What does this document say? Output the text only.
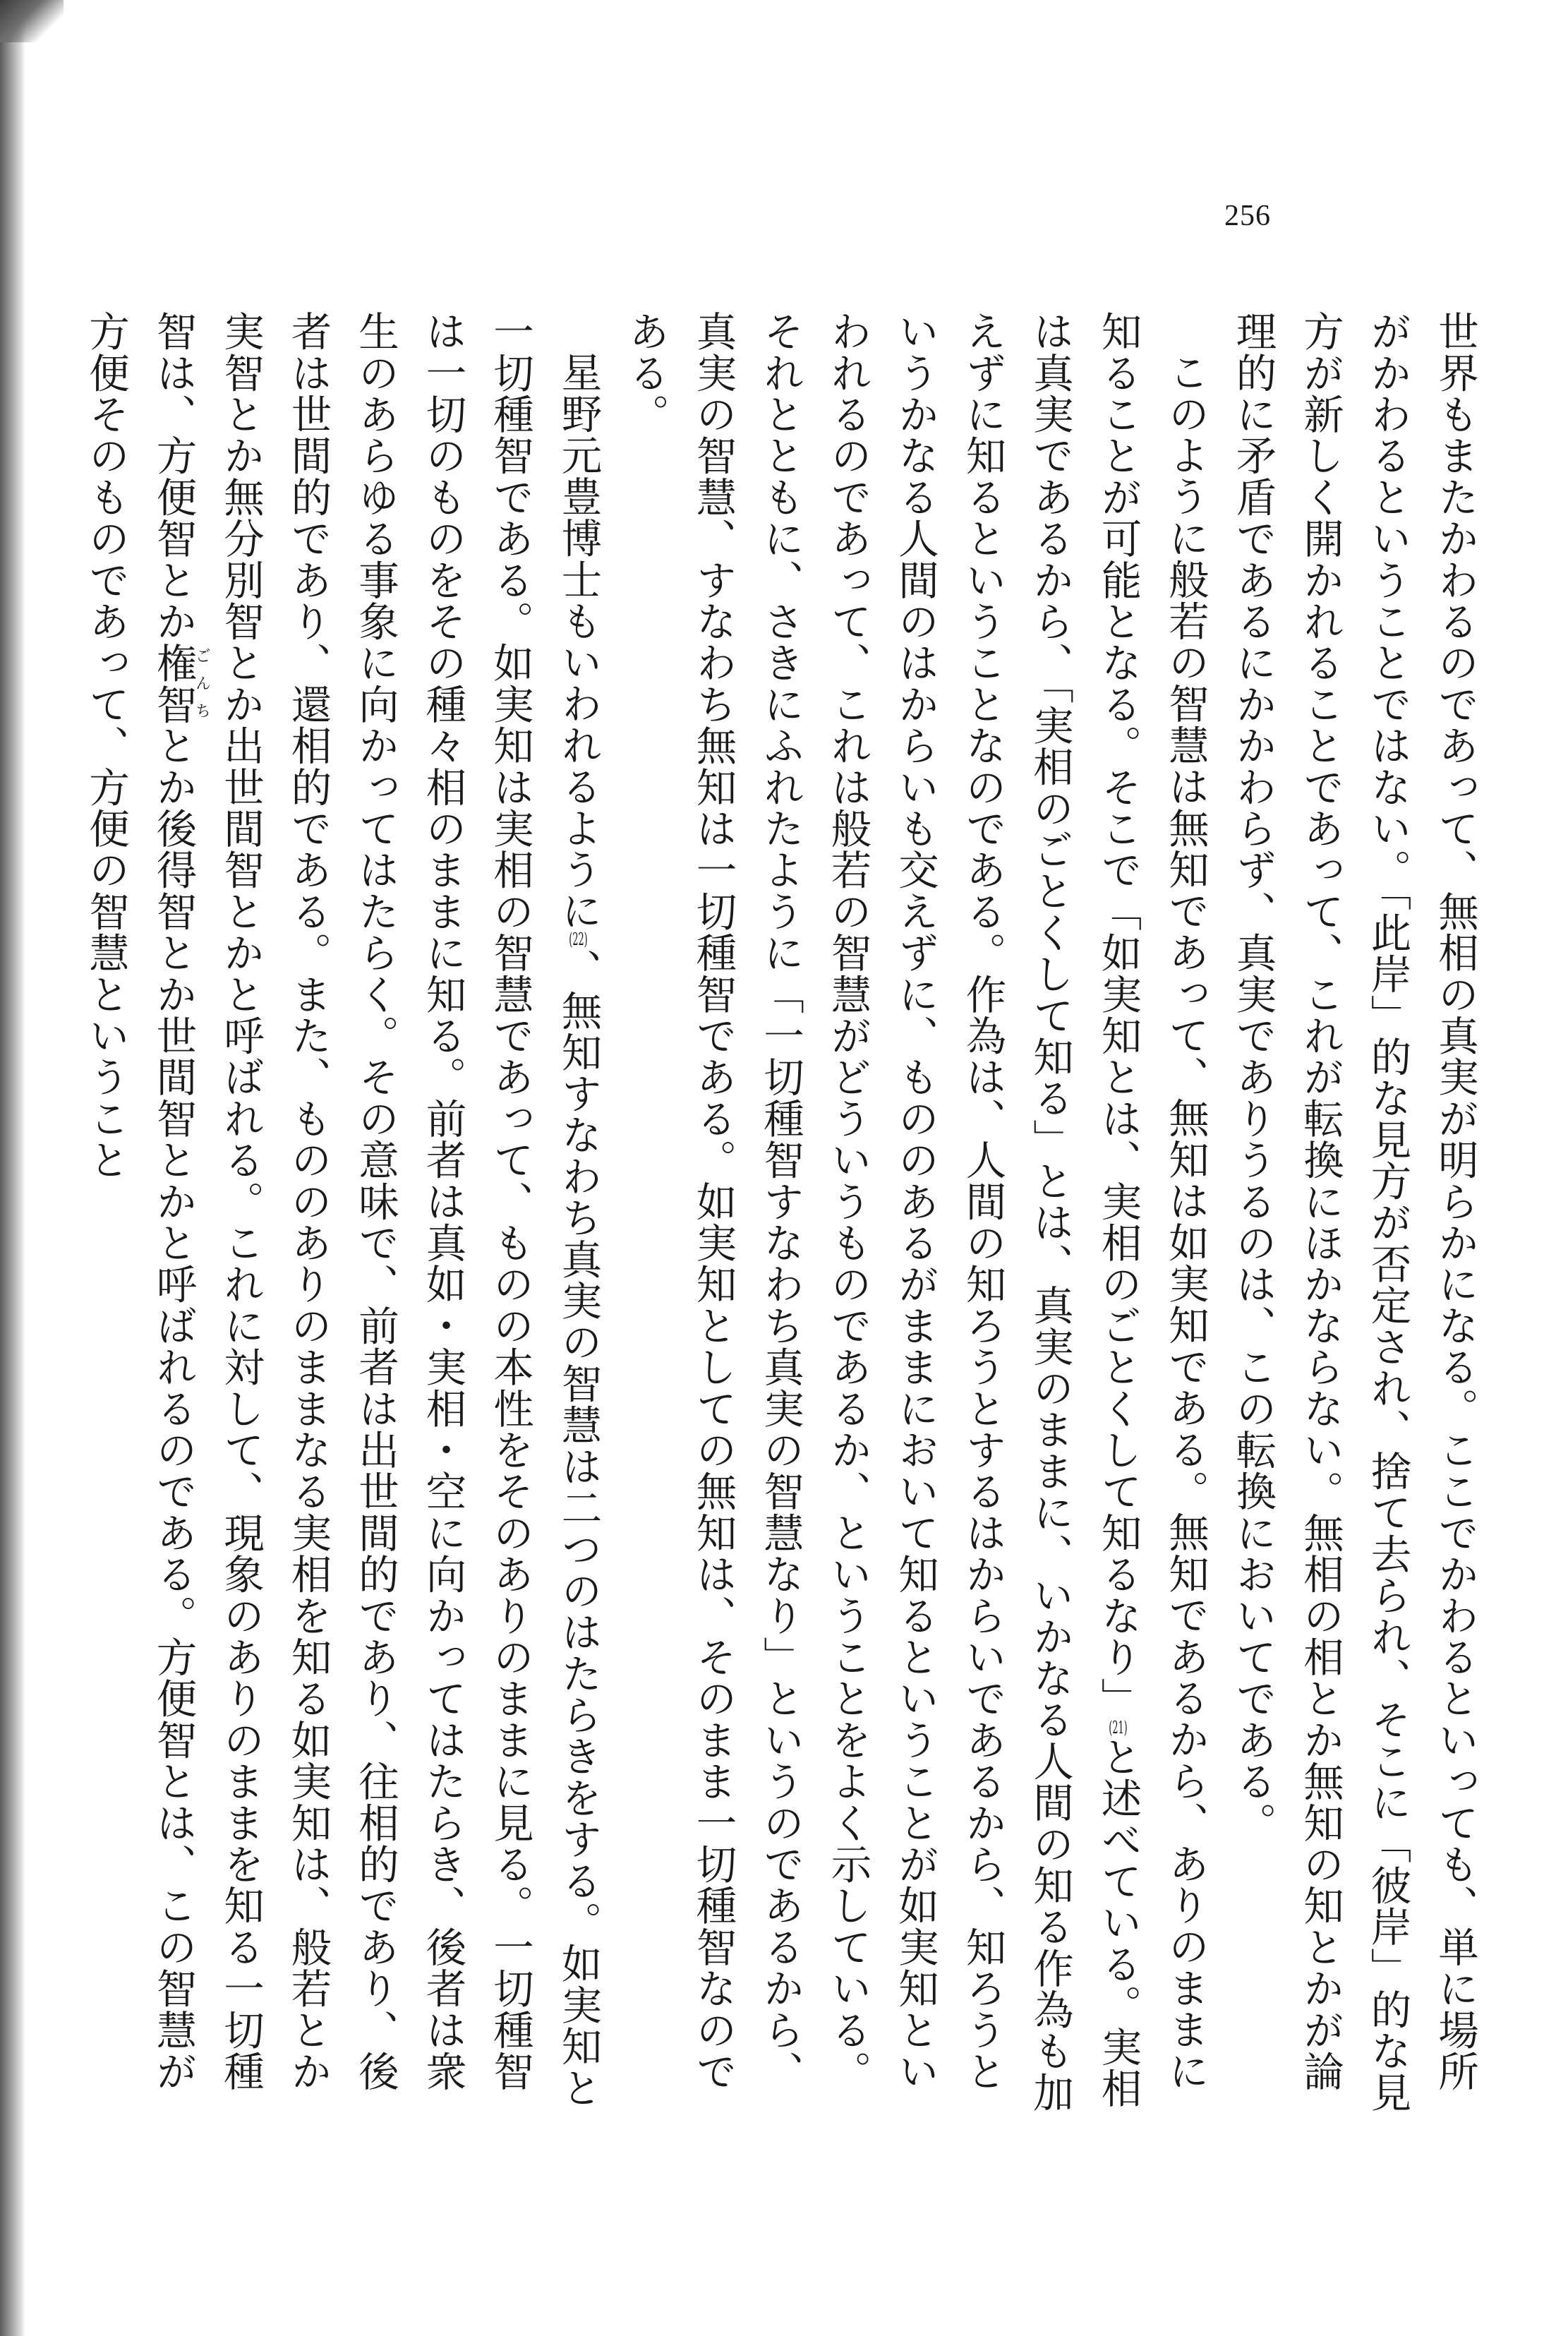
256

世界もまたかわるのであって、無相の真実が明らかになる。ここでかわるといっても、単に場所がかわるということではない。「此岸」的な見方が否定され、捨て去られ、そこに「彼岸」的な見方が新しく開かれることであって、これが転換にほかならない。無相の相とか無知の知とかが論理的に矛盾であるにかかわらず、真実でありうるのは、この転換においてである。

このように般若の智慧は無知であって、無知は如実知である。無知であるから、ありのままに知ることが可能となる。そこで「如実知とは、実相のごとくして知るなり」(21)と述べている。実相は真実であるから、「実相のごとくして知る」とは、真実のままに、いかなる人間の知る作為も加えずに知るということなのである。作為は、人間の知ろうとするはからいであるから、知ろうというかなる人間のはからいも交えずに、もののあるがままにおいて知るということが如実知といわれるのであって、これは般若の智慧がどういうものであるか、ということをよく示している。それとともに、さきにふれたように「一切種智すなわち真実の智慧なり」というのであるから、真実の智慧、すなわち無知は一切種智である。如実知としての無知は、そのまま一切種智なのである。

星野元豊博士もいわれるように(22)、無知すなわち真実の智慧は二つのはたらきをする。如実知と一切種智である。如実知は実相の智慧であって、ものの本性をそのありのままに見る。一切種智は一切のものをその種々相のままに知る。前者は真如・実相・空に向かってはたらき、後者は衆生のあらゆる事象に向かってはたらく。その意味で、前者は出世間的であり、往相的であり、後者は世間的であり、還相的である。また、もののありのままなる実相を知る如実知は、般若とか実智とか無分別智とか出世間智とかと呼ばれる。これに対して、現象のありのままを知る一切種智は、方便智とか権智ごんちとか後得智とか世間智とかと呼ばれるのである。方便智とは、この智慧が方便そのものであって、方便の智慧ということ
